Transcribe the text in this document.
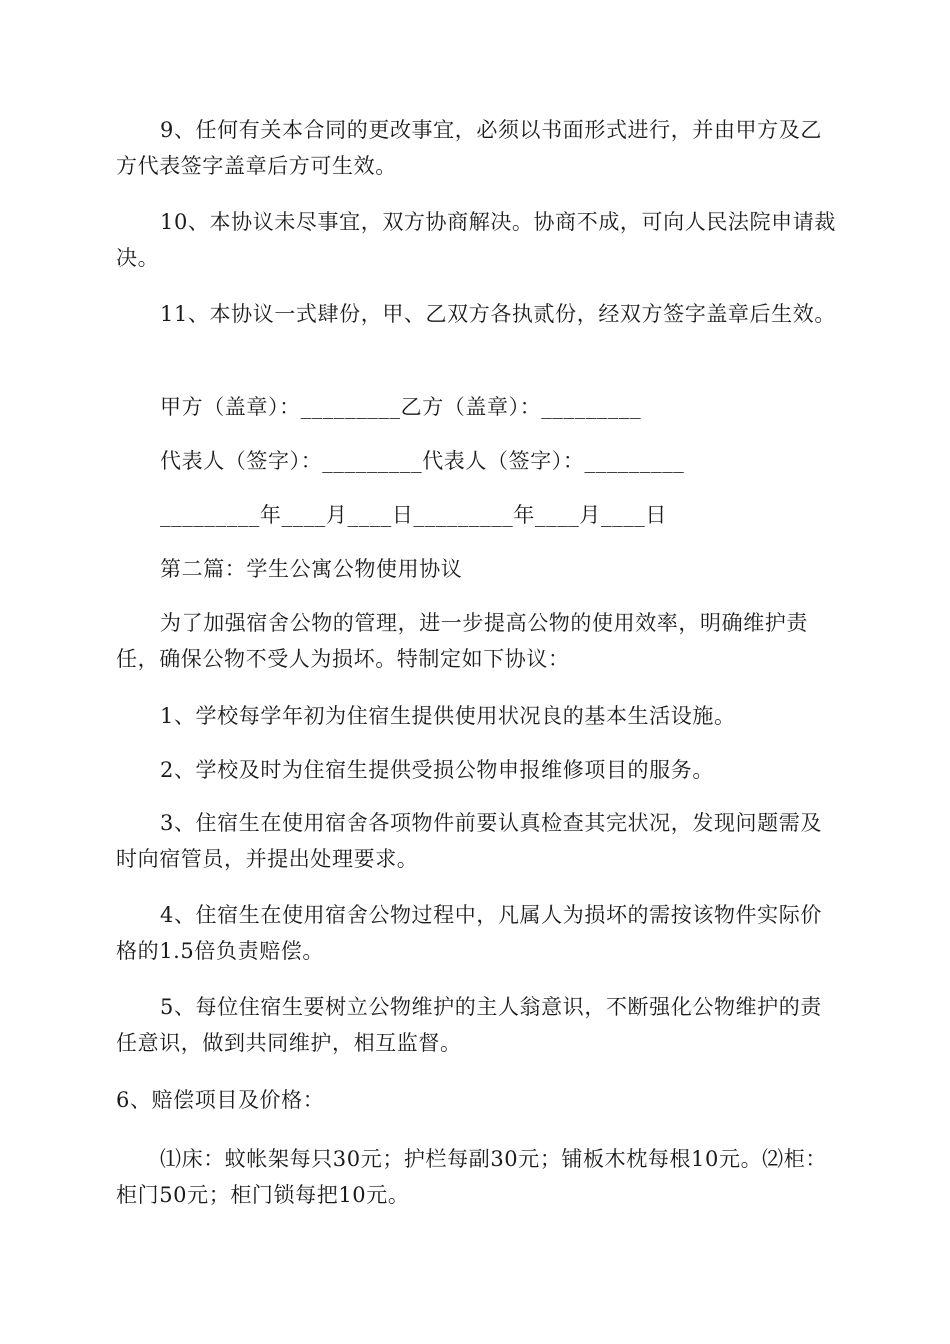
9、任何有关本合同的更改事宜，必须以书面形式进行，并由甲方及乙方代表签字盖章后方可生效。

10、本协议未尽事宜，双方协商解决。协商不成，可向人民法院申请裁决。

11、本协议一式肆份，甲、乙双方各执贰份，经双方签字盖章后生效。

甲方（盖章）：_________乙方（盖章）：_________

代表人（签字）：_________代表人（签字）：_________

_________年____月____日_________年____月____日

第二篇：学生公寓公物使用协议

为了加强宿舍公物的管理，进一步提高公物的使用效率，明确维护责任，确保公物不受人为损坏。特制定如下协议：

1、学校每学年初为住宿生提供使用状况良的基本生活设施。

2、学校及时为住宿生提供受损公物申报维修项目的服务。

3、住宿生在使用宿舍各项物件前要认真检查其完状况，发现问题需及时向宿管员，并提出处理要求。

4、住宿生在使用宿舍公物过程中，凡属人为损坏的需按该物件实际价格的1.5倍负责赔偿。

5、每位住宿生要树立公物维护的主人翁意识，不断强化公物维护的责任意识，做到共同维护，相互监督。

6、赔偿项目及价格：

⑴床：蚊帐架每只30元；护栏每副30元；铺板木枕每根10元。⑵柜：柜门50元；柜门锁每把10元。
